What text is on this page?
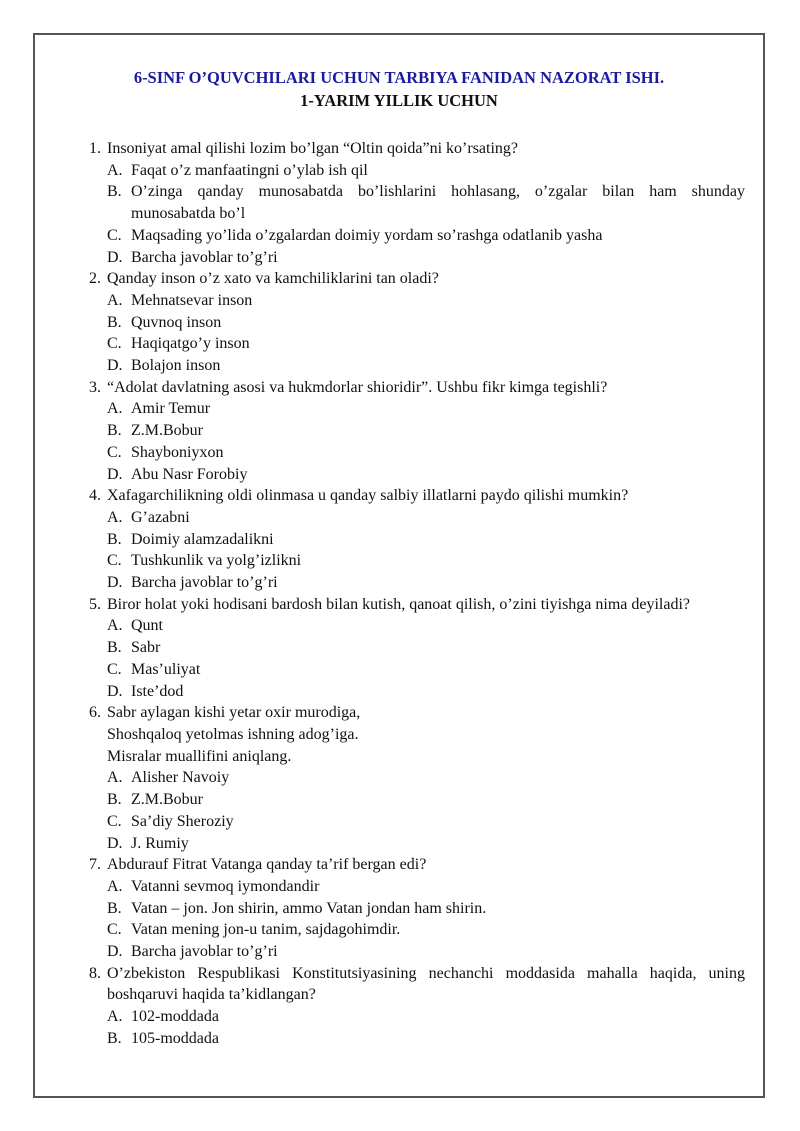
6-SINF O’QUVCHILARI UCHUN TARBIYA FANIDAN NAZORAT ISHI.
1-YARIM YILLIK UCHUN
1. Insoniyat amal qilishi lozim bo’lgan “Oltin qoida”ni ko’rsating?
A. Faqat o’z manfaatingni o’ylab ish qil
B. O’zinga qanday munosabatda bo’lishlarini hohlasang, o’zgalar bilan ham shunday munosabatda bo’l
C. Maqsading yo’lida o’zgalardan doimiy yordam so’rashga odatlanib yasha
D. Barcha javoblar to’g’ri
2. Qanday inson o’z xato va kamchiliklarini tan oladi?
A. Mehnatsevar inson
B. Quvnoq inson
C. Haqiqatgo’y inson
D. Bolajon inson
3. “Adolat davlatning asosi va hukmdorlar shioridir”. Ushbu fikr kimga tegishli?
A. Amir Temur
B. Z.M.Bobur
C. Shayboniyxon
D. Abu Nasr Forobiy
4. Xafagarchilikning oldi olinmasa u qanday salbiy illatlarni paydo qilishi mumkin?
A. G’azabni
B. Doimiy alamzadalikni
C. Tushkunlik va yolg’izlikni
D. Barcha javoblar to’g’ri
5. Biror holat yoki hodisani bardosh bilan kutish, qanoat qilish, o’zini tiyishga nima deyiladi?
A. Qunt
B. Sabr
C. Mas’uliyat
D. Iste’dod
6. Sabr aylagan kishi yetar oxir murodiga,
Shoshqaloq yetolmas ishning adog’iga.
Misralar muallifini aniqlang.
A. Alisher Navoiy
B. Z.M.Bobur
C. Sa’diy Sheroziy
D. J. Rumiy
7. Abdurauf Fitrat Vatanga qanday ta’rif bergan edi?
A. Vatanni sevmoq iymondandir
B. Vatan – jon. Jon shirin, ammo Vatan jondan ham shirin.
C. Vatan mening jon-u tanim, sajdagohimdir.
D. Barcha javoblar to’g’ri
8. O’zbekiston Respublikasi Konstitutsiyasining nechanchi moddasida mahalla haqida, uning boshqaruvi haqida ta’kidlangan?
A. 102-moddada
B. 105-moddada
